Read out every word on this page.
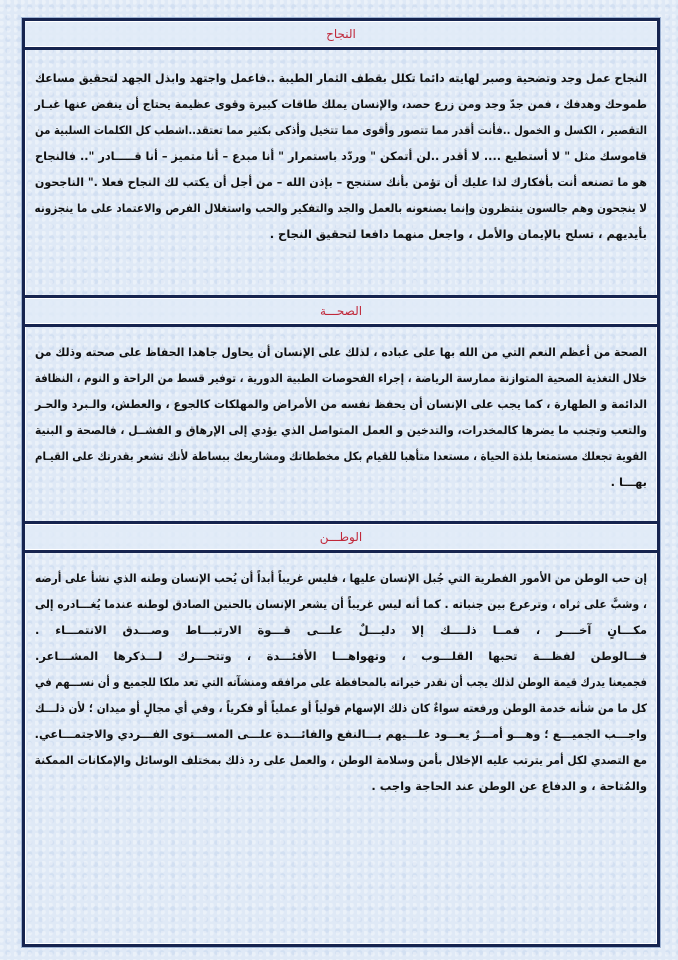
النجاح
النجاح عمل وجد وتضحية وصبر لهايته دائما تكلل بقطف الثمار الطيبة ..فاعمل واجتهد وابذل الجهد لتحقيق مساعك
طموحك وهدفك ، فمن جدّ وجد ومن زرع حصد، والإنسان يملك طاقات كبيرة وقوى عظيمة يحتاج أن ينفض عنها غبـار
التقصير ، الكسل و الخمول ..فأنت أقدر مما تتصور وأقوى مما تتخيل وأذكى بكثير مما تعتقد..اشطب كل الكلمات السلبية من
قاموسك مثل " لا أستطيع .... لا أقدر ..لن أتمكن " وردّد باستمرار " أنا مبدع – أنا متميز – أنا قـــــادر ".. فالنجاح
هو ما تصنعه أنت بأفكارك لذا عليك أن تؤمن بأنك ستنجح – بإذن الله – من أجل أن يكتب لك النجاح فعلا ." الناجحون
لا ينجحون وهم جالسون ينتظرون وإنما يصنعونه بالعمل والجد والتفكير والحب واستغلال الفرص والاعتماد على ما ينجزونه
بأيديهم ، تسلح بالإيمان والأمل ، واجعل منهما دافعا لتحقيق النجاح .
الصحـــة
الصحة من أعظم النعم التي من الله بها على عباده ، لذلك على الإنسان أن يحاول جاهدا الحفاظ على صحته وذلك من
خلال التغذية الصحية المتوازنة ممارسة الرياضة ، إجراء الفحوصات الطبية الدورية ، توفير قسط من الراحة و النوم ، النظافة
الدائمة و الطهارة ، كما يجب على الإنسان أن يحفظ نفسه من الأمراض والمهلكات كالجوع ، والعطش، والـبرد والحـر
والتعب وتجنب ما يضرها كالمخدرات، والتدخين و العمل المتواصل الذي يؤدي إلى الإرهاق و الفشــل ، فالصحة و البنية
القوية تجعلك مستمتعا بلذة الحياة ، مستعدا متأهبا للقيام بكل مخططاتك ومشاريعك ببساطة لأنك تشعر بقدرتك على القيـام
بهـــا .
الوطـــن
إن حب الوطن من الأمور الفطرية التي جُبل الإنسان عليها ، فليس غريباً أبداً أن يُحب الإنسان وطنه الذي نشأ على أرضه
، وشبَّ على ثراه ، وترعرع بين جنباته . كما أنه ليس غريباً أن يشعر الإنسان بالحنين الصادق لوطنه عندما يُغـــادره إلى
مكـــانٍ آخــــر ، فمــا ذلــــك إلا دليـــلٌ علـــى قـــوة الارتبـــاط وصـــدق الانتمـــاء .
فـــالوطن لفظـــة تحبها القلـــوب ، وتهواهـــا الأفئـــدة ، وتتحـــرك لـــذكرها المشـــاعر.
فجميعنا يدرك قيمة الوطن لذلك يجب أن نقدر خيراته بالمحافظة على مرافقه ومنشآته التي تعد ملكا للجميع و أن نســـهم في
كل ما من شأنه خدمة الوطن ورفعته سواءٌ كان ذلك الإسهام قولياً أو عملياً أو فكرياً ، وفي أي مجالٍ أو ميدان ؛ لأن ذلـــك
واجـــب الجميـــع ؛ وهـــو أمـــرٌ يعـــود علـــيهم بـــالنفع والفائـــدة علـــى المســـتوى الفـــردي والاجتمـــاعي.
مع التصدي لكل أمر يترتب عليه الإخلال بأمن وسلامة الوطن ، والعمل على رد ذلك بمختلف الوسائل والإمكانات الممكنة
والمُتاحة ، و الدفاع عن الوطن عند الحاجة واجب .
